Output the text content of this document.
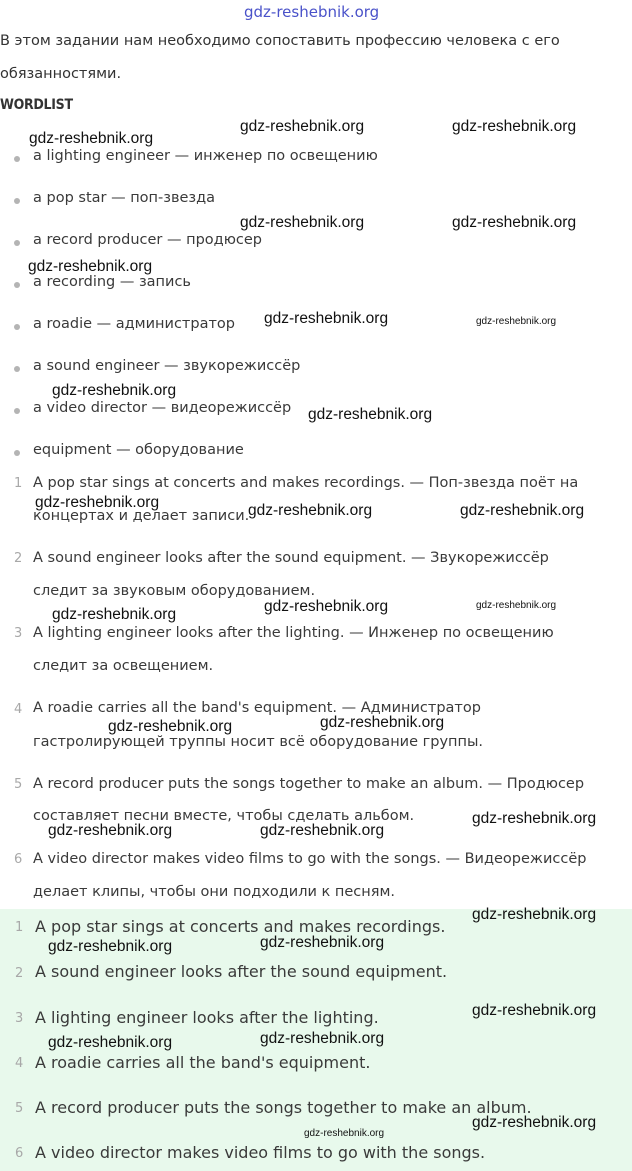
gdz-reshebnik.org
В этом задании нам необходимо сопоставить профессию человека с его
обязанностями.
WORDLIST
a lighting engineer — инженер по освещению
a pop star — поп-звезда
a record producer — продюсер
a recording — запись
a roadie — администратор
a sound engineer — звукорежиссёр
a video director — видеорежиссёр
equipment — оборудование
1 A pop star sings at concerts and makes recordings. — Поп-звезда поёт на
концертах и делает записи.
2 A sound engineer looks after the sound equipment. — Звукорежиссёр
следит за звуковым оборудованием.
3 A lighting engineer looks after the lighting. — Инженер по освещению
следит за освещением.
4 A roadie carries all the band's equipment. — Администратор
гастролирующей труппы носит всё оборудование группы.
5 A record producer puts the songs together to make an album. — Продюсер
составляет песни вместе, чтобы сделать альбом.
6 A video director makes video films to go with the songs. — Видеорежиссёр
делает клипы, чтобы они подходили к песням.
1 A pop star sings at concerts and makes recordings.
2 A sound engineer looks after the sound equipment.
3 A lighting engineer looks after the lighting.
4 A roadie carries all the band's equipment.
5 A record producer puts the songs together to make an album.
6 A video director makes video films to go with the songs.
gdz-reshebnik.org
gdz-reshebnik.org	gdz-reshebnik.org
gdz-reshebnik.org	gdz-reshebnik.org
gdz-reshebnik.org
gdz-reshebnik.org	gdz-reshebnik.org
gdz-reshebnik.org
gdz-reshebnik.org
gdz-reshebnik.org	gdz-reshebnik.org	gdz-reshebnik.org
gdz-reshebnik.org	gdz-reshebnik.org	gdz-reshebnik.org
gdz-reshebnik.org	gdz-reshebnik.org
gdz-reshebnik.org	gdz-reshebnik.org
gdz-reshebnik.org
gdz-reshebnik.org
gdz-reshebnik.org	gdz-reshebnik.org
gdz-reshebnik.org
gdz-reshebnik.org	gdz-reshebnik.org
gdz-reshebnik.org
gdz-reshebnik.org
